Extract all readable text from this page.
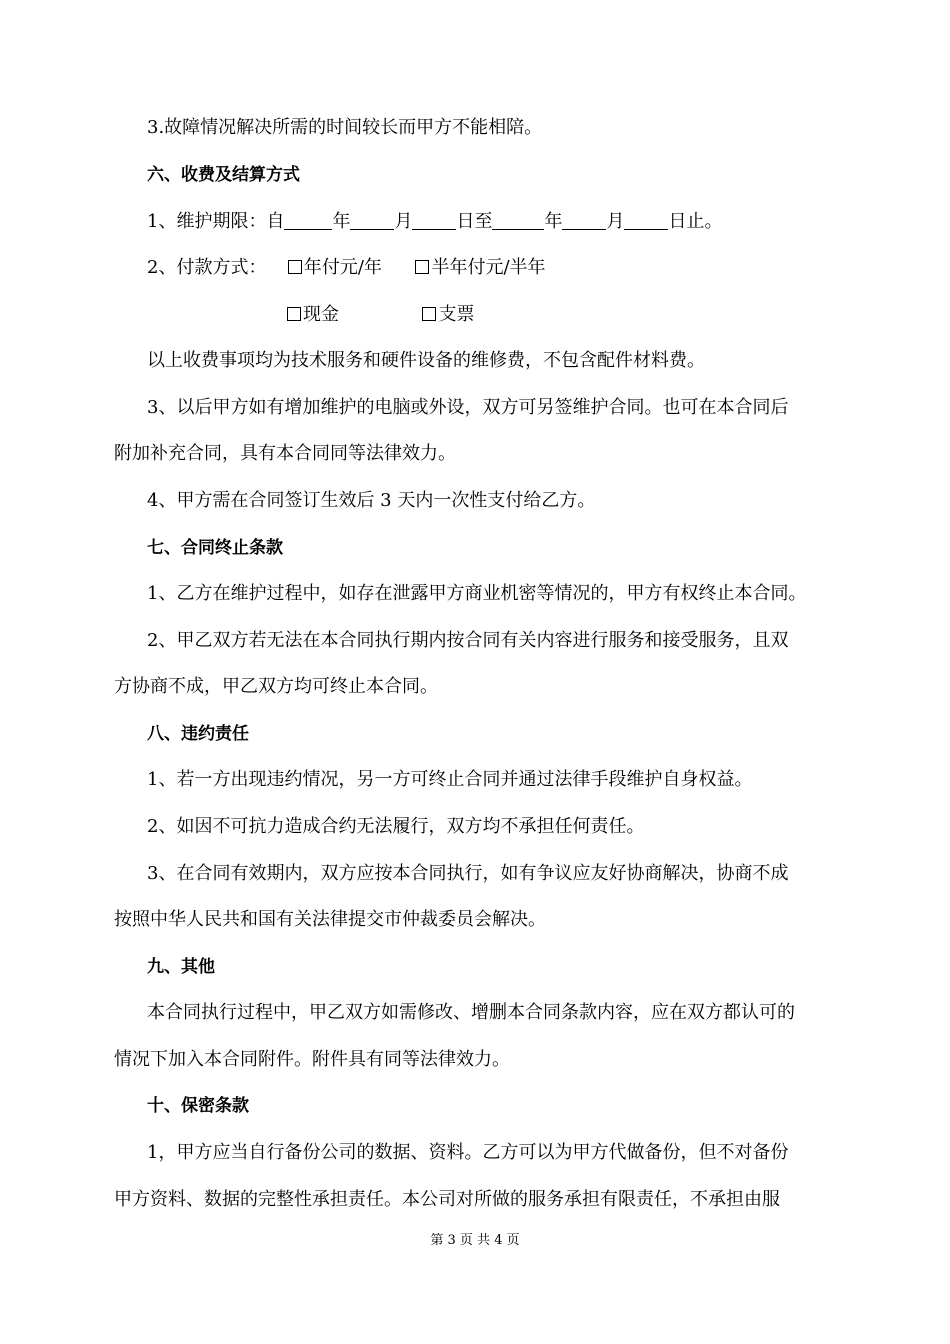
3.故障情况解决所需的时间较长而甲方不能相陪。
六、收费及结算方式
1、维护期限：自	年 月 日至	年 月 日止。
2、付款方式： 年付元/年	半年付元/半年
现金	支票
以上收费事项均为技术服务和硬件设备的维修费，不包含配件材料费。
3、以后甲方如有增加维护的电脑或外设，双方可另签维护合同。也可在本合同后
附加补充合同，具有本合同同等法律效力。
4、甲方需在合同签订生效后 3 天内一次性支付给乙方。
七、合同终止条款
1、乙方在维护过程中，如存在泄露甲方商业机密等情况的，甲方有权终止本合同。
2、甲乙双方若无法在本合同执行期内按合同有关内容进行服务和接受服务，且双
方协商不成，甲乙双方均可终止本合同。
八、违约责任
1、若一方出现违约情况，另一方可终止合同并通过法律手段维护自身权益。
2、如因不可抗力造成合约无法履行，双方均不承担任何责任。
3、在合同有效期内，双方应按本合同执行，如有争议应友好协商解决，协商不成
按照中华人民共和国有关法律提交市仲裁委员会解决。
九、其他
本合同执行过程中，甲乙双方如需修改、增删本合同条款内容，应在双方都认可的
情况下加入本合同附件。附件具有同等法律效力。
十、保密条款
1，甲方应当自行备份公司的数据、资料。乙方可以为甲方代做备份，但不对备份
甲方资料、数据的完整性承担责任。本公司对所做的服务承担有限责任，不承担由服
第 3 页 共 4 页
